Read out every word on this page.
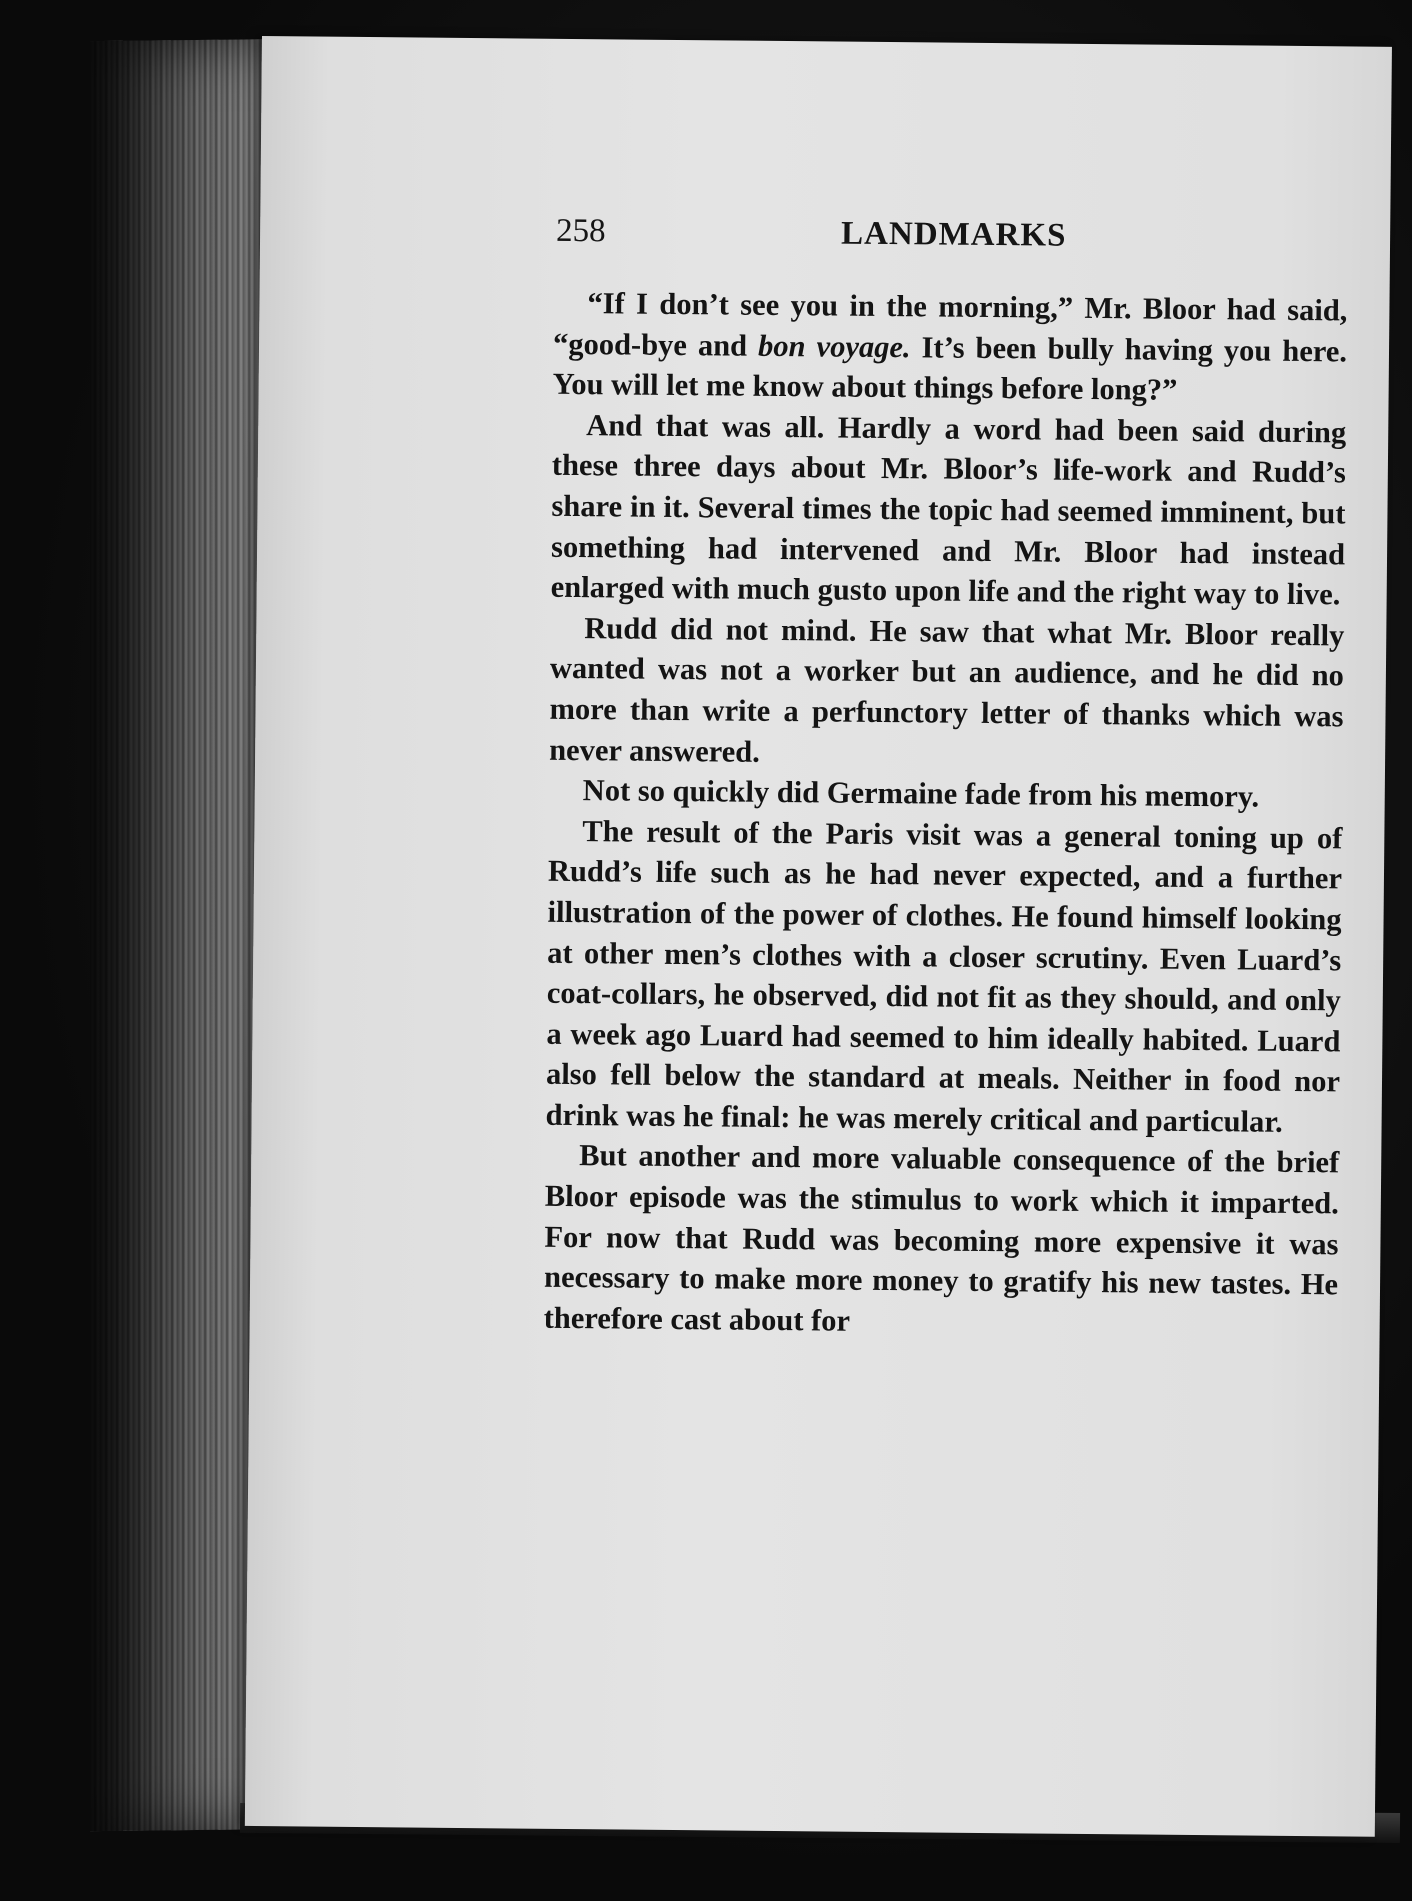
258	LANDMARKS

“If I don’t see you in the morning,” Mr. Bloor had said, “good-bye and bon voyage. It’s been bully having you here. You will let me know about things before long?”

And that was all. Hardly a word had been said during these three days about Mr. Bloor’s life-work and Rudd’s share in it. Several times the topic had seemed imminent, but something had intervened and Mr. Bloor had instead enlarged with much gusto upon life and the right way to live.

Rudd did not mind. He saw that what Mr. Bloor really wanted was not a worker but an audience, and he did no more than write a perfunctory letter of thanks which was never answered.

Not so quickly did Germaine fade from his memory.

The result of the Paris visit was a general toning up of Rudd’s life such as he had never expected, and a further illustration of the power of clothes. He found himself looking at other men’s clothes with a closer scrutiny. Even Luard’s coat-collars, he observed, did not fit as they should, and only a week ago Luard had seemed to him ideally habited. Luard also fell below the standard at meals. Neither in food nor drink was he final: he was merely critical and particular.

But another and more valuable consequence of the brief Bloor episode was the stimulus to work which it imparted. For now that Rudd was becoming more expensive it was necessary to make more money to gratify his new tastes. He therefore cast about for
